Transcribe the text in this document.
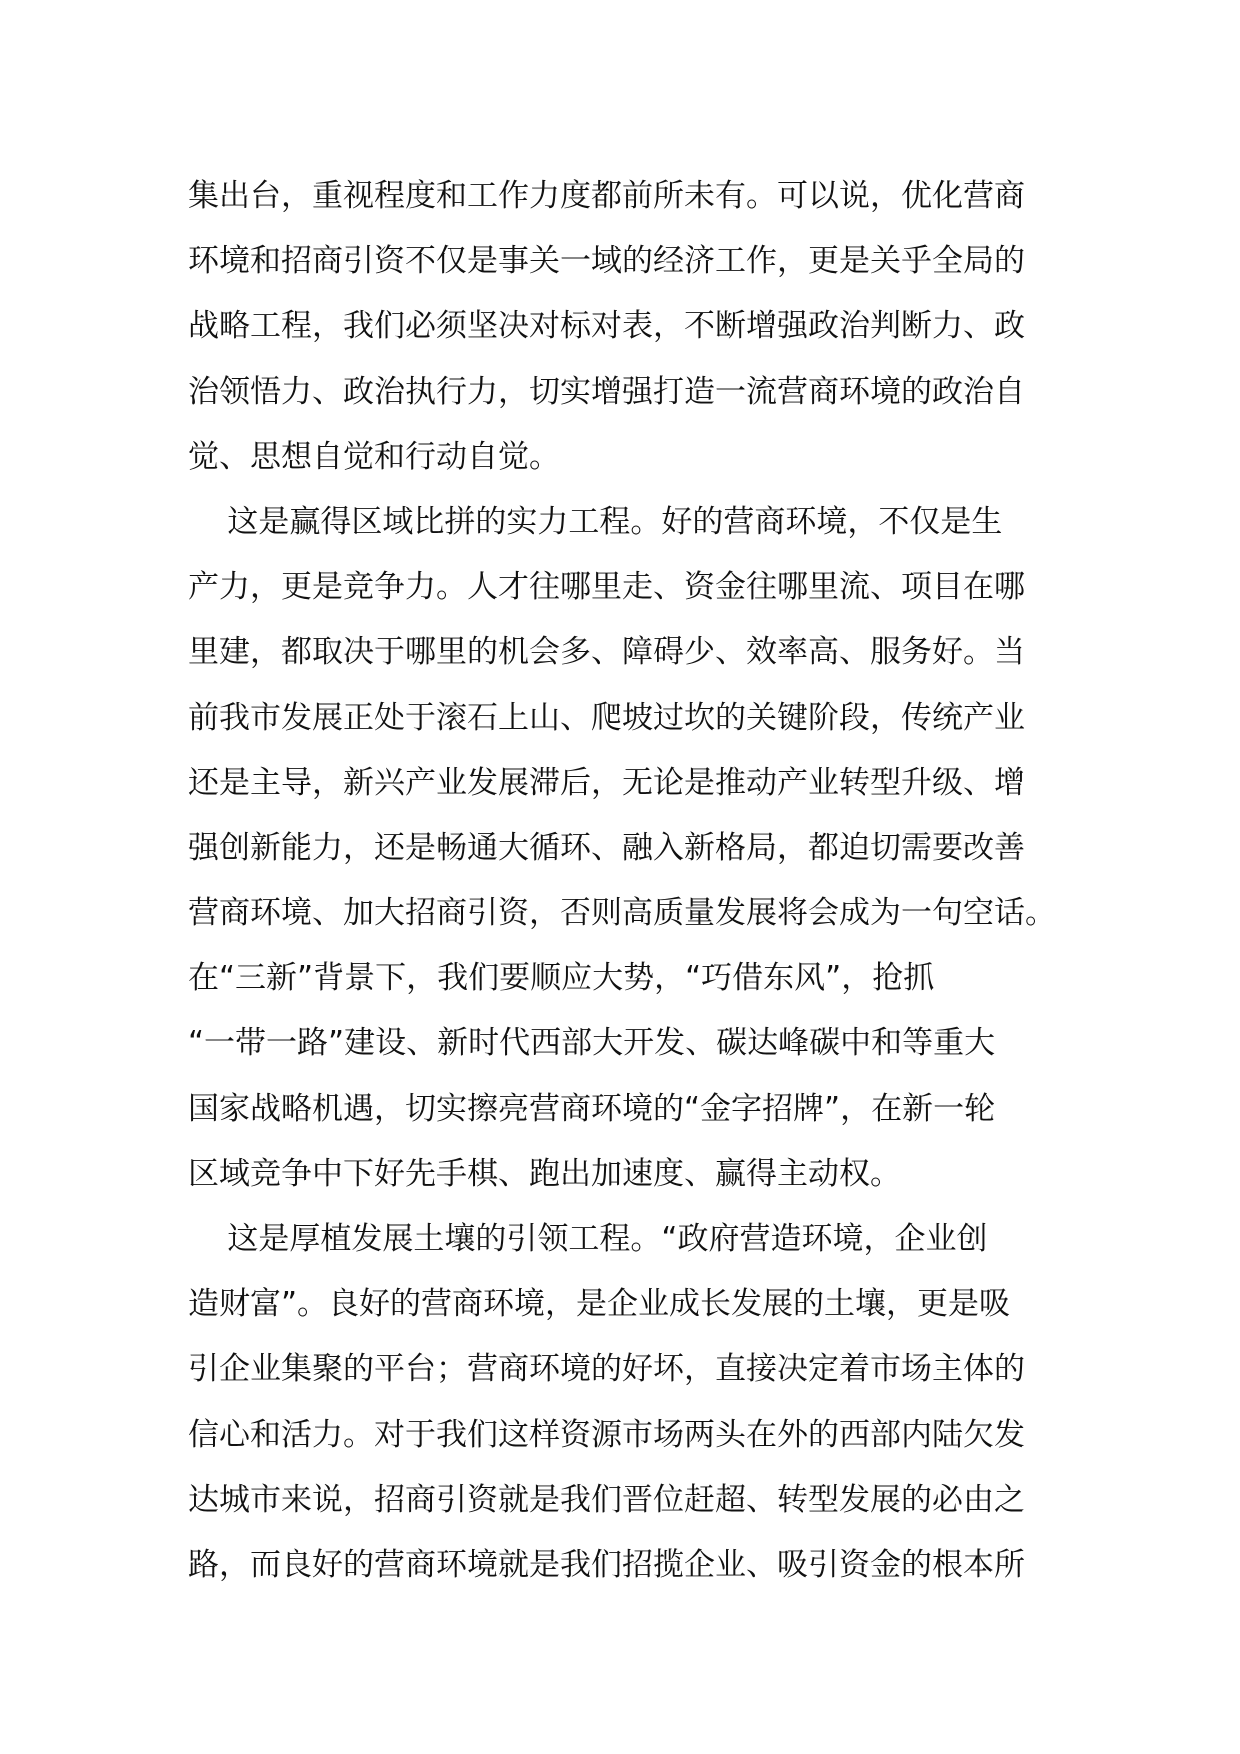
集出台，重视程度和工作力度都前所未有。可以说，优化营商

环境和招商引资不仅是事关一域的经济工作，更是关乎全局的

战略工程，我们必须坚决对标对表，不断增强政治判断力、政

治领悟力、政治执行力，切实增强打造一流营商环境的政治自

觉、思想自觉和行动自觉。

这是赢得区域比拼的实力工程。好的营商环境，不仅是生

产力，更是竞争力。人才往哪里走、资金往哪里流、项目在哪

里建，都取决于哪里的机会多、障碍少、效率高、服务好。当

前我市发展正处于滚石上山、爬坡过坎的关键阶段，传统产业

还是主导，新兴产业发展滞后，无论是推动产业转型升级、增

强创新能力，还是畅通大循环、融入新格局，都迫切需要改善

营商环境、加大招商引资，否则高质量发展将会成为一句空话。

在“三新”背景下，我们要顺应大势，“巧借东风”，抢抓

“一带一路”建设、新时代西部大开发、碳达峰碳中和等重大

国家战略机遇，切实擦亮营商环境的“金字招牌”，在新一轮

区域竞争中下好先手棋、跑出加速度、赢得主动权。

这是厚植发展土壤的引领工程。“政府营造环境，企业创

造财富”。良好的营商环境，是企业成长发展的土壤，更是吸

引企业集聚的平台；营商环境的好坏，直接决定着市场主体的

信心和活力。对于我们这样资源市场两头在外的西部内陆欠发

达城市来说，招商引资就是我们晋位赶超、转型发展的必由之

路，而良好的营商环境就是我们招揽企业、吸引资金的根本所
